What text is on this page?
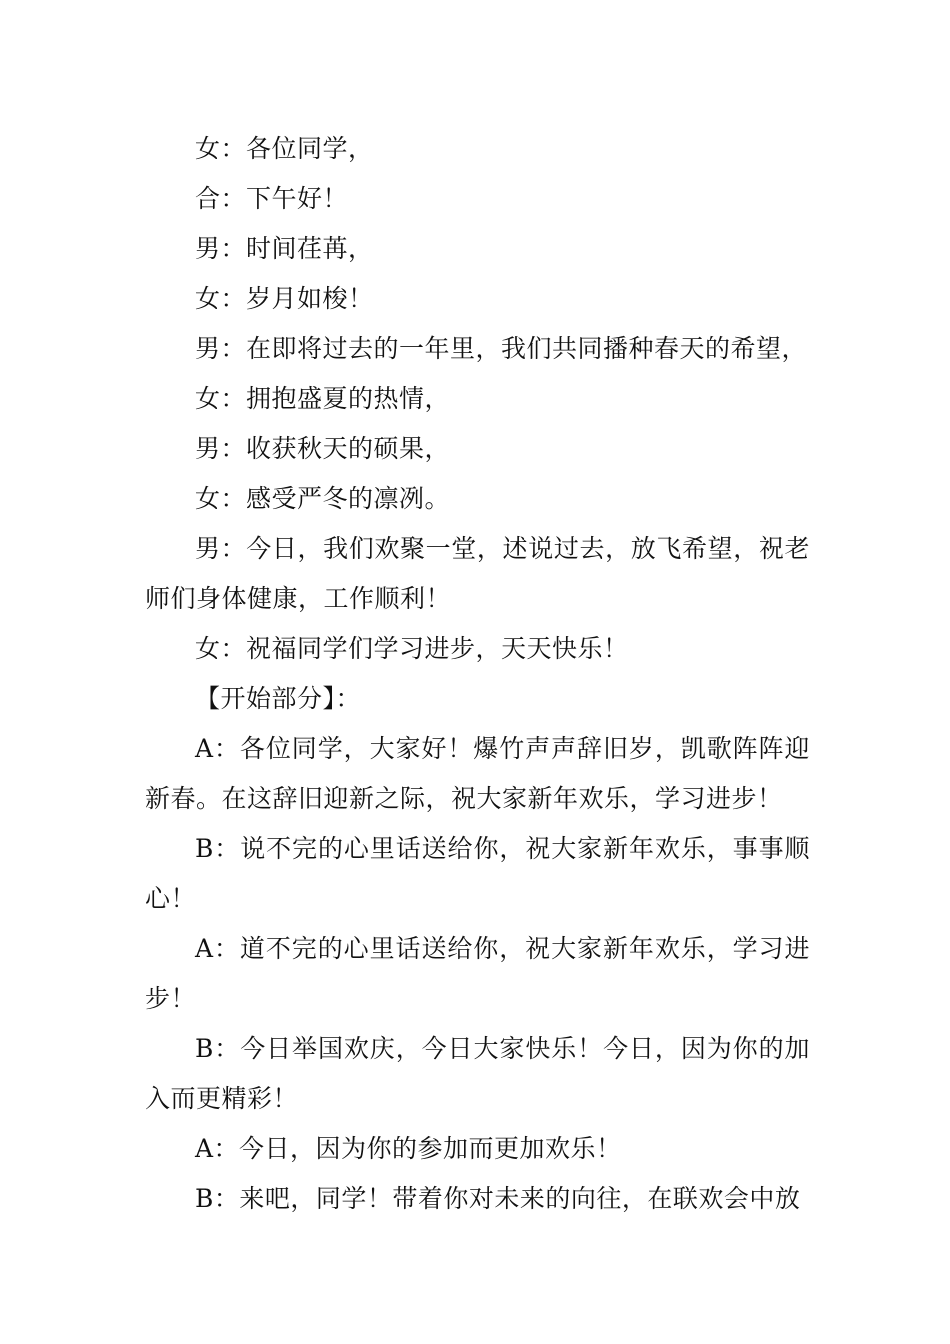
女：各位同学，

合：下午好！

男：时间荏苒，

女：岁月如梭！

男：在即将过去的一年里，我们共同播种春天的希望，

女：拥抱盛夏的热情，

男：收获秋天的硕果，

女：感受严冬的凛冽。

男：今日，我们欢聚一堂，述说过去，放飞希望，祝老师们身体健康，工作顺利！

女：祝福同学们学习进步，天天快乐！

【开始部分】：

A：各位同学，大家好！爆竹声声辞旧岁，凯歌阵阵迎新春。在这辞旧迎新之际，祝大家新年欢乐，学习进步！

B：说不完的心里话送给你，祝大家新年欢乐，事事顺心！

A：道不完的心里话送给你，祝大家新年欢乐，学习进步！

B：今日举国欢庆，今日大家快乐！今日，因为你的加入而更精彩！

A：今日，因为你的参加而更加欢乐！

B：来吧，同学！带着你对未来的向往，在联欢会中放
